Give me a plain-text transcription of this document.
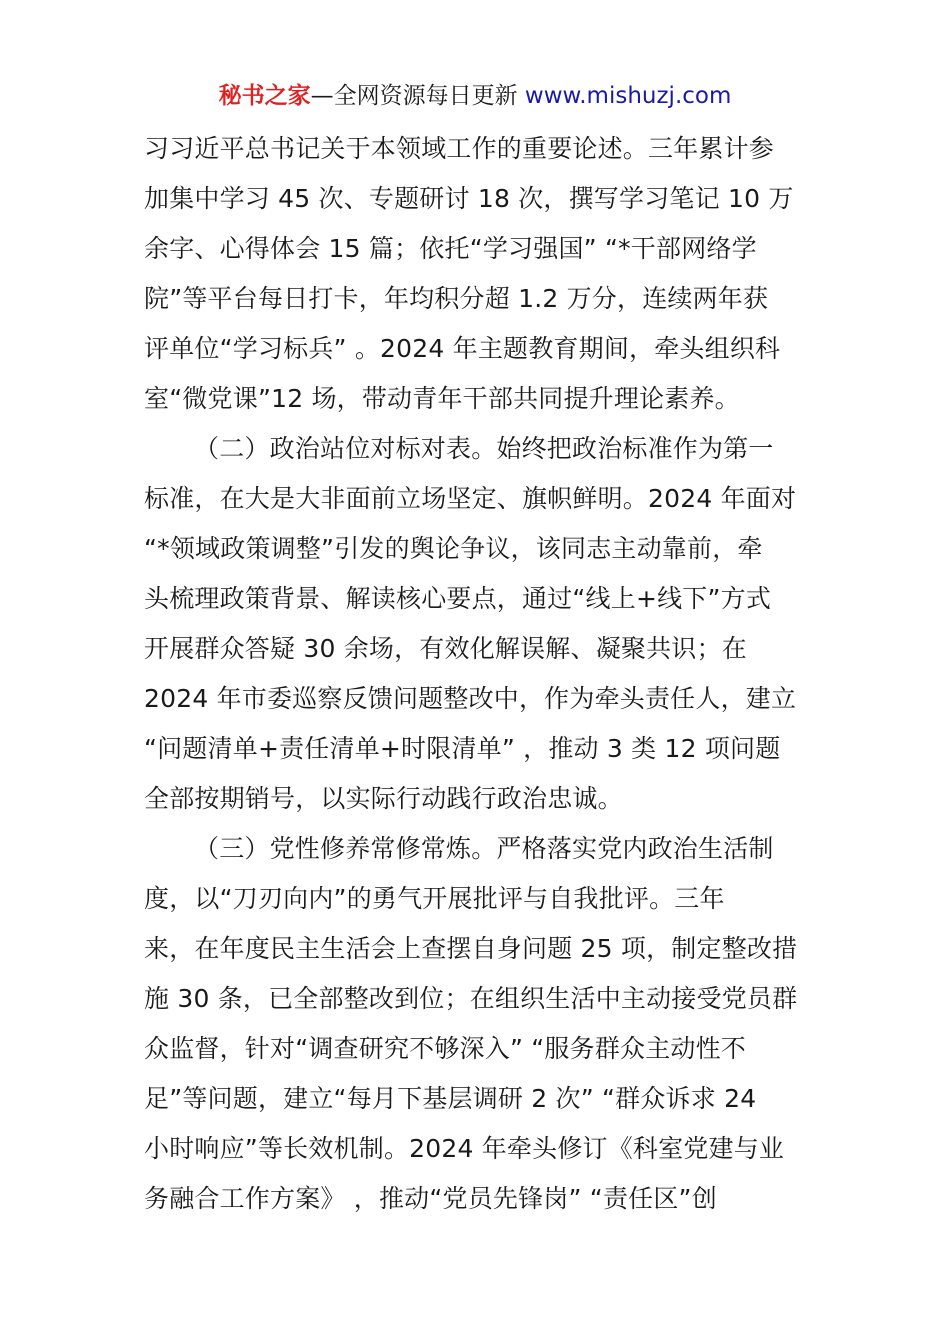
秘书之家—全网资源每日更新 www.mishuzj.com
习习近平总书记关于本领域工作的重要论述。三年累计参
加集中学习 45 次、专题研讨 18 次，撰写学习笔记 10 万
余字、心得体会 15 篇；依托“学习强国” “*干部网络学
院”等平台每日打卡，年均积分超 1.2 万分，连续两年获
评单位“学习标兵” 。2024 年主题教育期间，牵头组织科
室“微党课”12 场，带动青年干部共同提升理论素养。
（二）政治站位对标对表。始终把政治标准作为第一
标准，在大是大非面前立场坚定、旗帜鲜明。2024 年面对
“*领域政策调整”引发的舆论争议，该同志主动靠前，牵
头梳理政策背景、解读核心要点，通过“线上+线下”方式
开展群众答疑 30 余场，有效化解误解、凝聚共识；在
2024 年市委巡察反馈问题整改中，作为牵头责任人，建立
“问题清单+责任清单+时限清单” ，推动 3 类 12 项问题
全部按期销号，以实际行动践行政治忠诚。
（三）党性修养常修常炼。严格落实党内政治生活制
度，以“刀刃向内”的勇气开展批评与自我批评。三年
来，在年度民主生活会上查摆自身问题 25 项，制定整改措
施 30 条，已全部整改到位；在组织生活中主动接受党员群
众监督，针对“调查研究不够深入” “服务群众主动性不
足”等问题，建立“每月下基层调研 2 次” “群众诉求 24
小时响应”等长效机制。2024 年牵头修订《科室党建与业
务融合工作方案》 ，推动“党员先锋岗” “责任区”创
